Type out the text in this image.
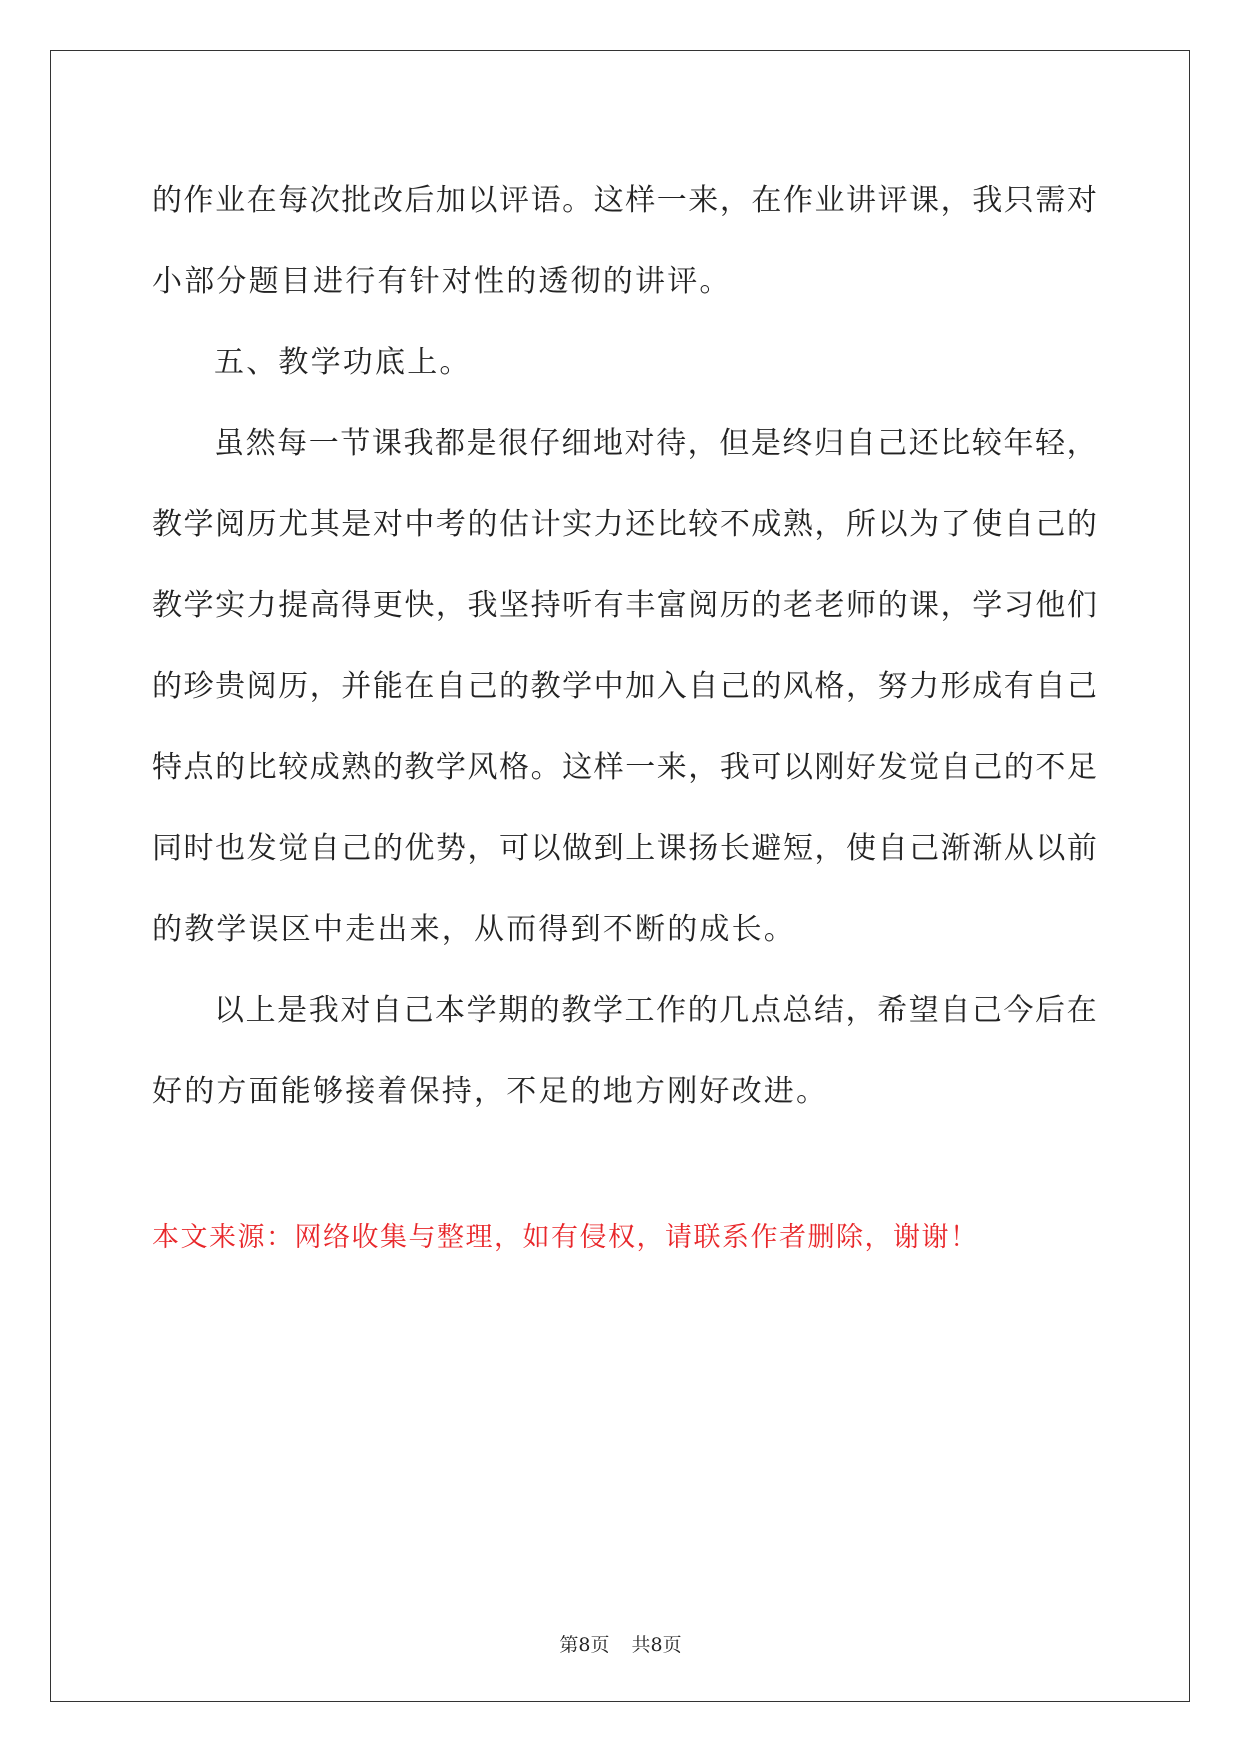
的 作 业 在 每 次 批 改 后 加 以 评 语 。 这 样 一 来 ， 在 作 业 讲 评 课 ， 我 只 需 对
小部分题目进行有针对性的透彻的讲评。
五、教学功底上。
虽 然 每 一 节 课 我 都 是 很 仔 细 地 对 待 ， 但 是 终 归 自 己 还 比 较 年 轻 ，
教 学 阅 历 尤 其 是 对 中 考 的 估 计 实 力 还 比 较 不 成 熟 ， 所 以 为 了 使 自 己 的
教 学 实 力 提 高 得 更 快 ， 我 坚 持 听 有 丰 富 阅 历 的 老 老 师 的 课 ， 学 习 他 们
的 珍 贵 阅 历 ， 并 能 在 自 己 的 教 学 中 加 入 自 己 的 风 格 ， 努 力 形 成 有 自 己
特 点 的 比 较 成 熟 的 教 学 风 格 。 这 样 一 来 ， 我 可 以 刚 好 发 觉 自 己 的 不 足
同 时 也 发 觉 自 己 的 优 势 ， 可 以 做 到 上 课 扬 长 避 短 ， 使 自 己 渐 渐 从 以 前
的教学误区中走出来，从而得到不断的成长。
以 上 是 我 对 自 己 本 学 期 的 教 学 工 作 的 几 点 总 结 ， 希 望 自 己 今 后 在
好的方面能够接着保持，不足的地方刚好改进。
本文来源：网络收集与整理，如有侵权，请联系作者删除，谢谢！
第8页 共8页
